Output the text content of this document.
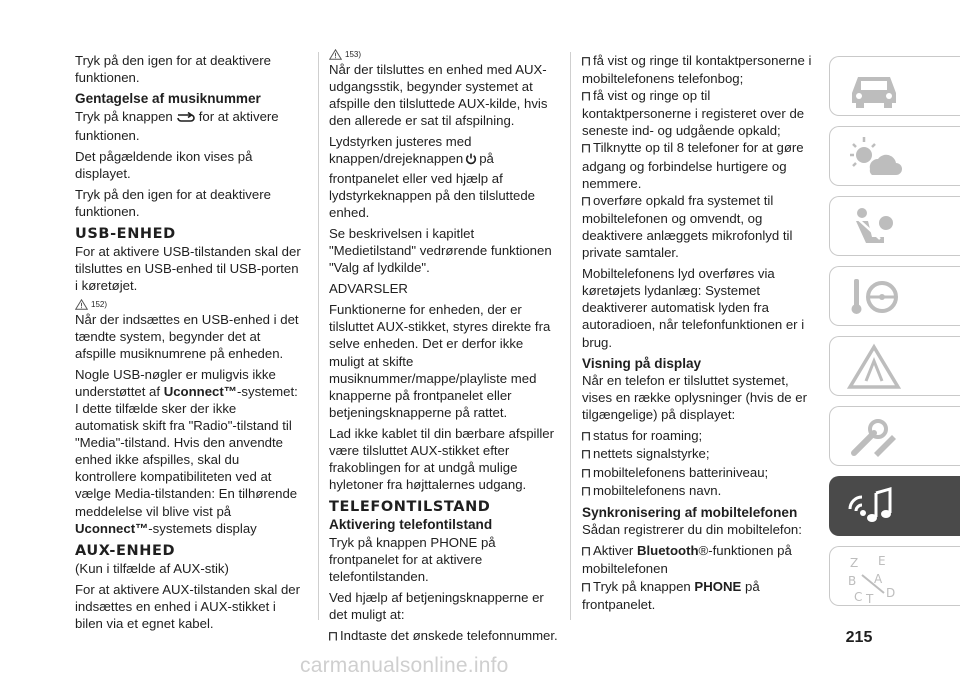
Tryk på den igen for at deaktivere funktionen.

Gentagelse af musiknummer

Tryk på knappen for at aktivere funktionen.

Det pågældende ikon vises på displayet.

Tryk på den igen for at deaktivere funktionen.

USB-ENHED

For at aktivere USB-tilstanden skal der tilsluttes en USB-enhed til USB-porten i køretøjet.

152)

Når der indsættes en USB-enhed i det tændte system, begynder det at afspille musiknumrene på enheden.

Nogle USB-nøgler er muligvis ikke understøttet af Uconnect™-systemet: I dette tilfælde sker der ikke automatisk skift fra "Radio"-tilstand til "Media"-tilstand. Hvis den anvendte enhed ikke afspilles, skal du kontrollere kompatibiliteten ved at vælge Media-tilstanden: En tilhørende meddelelse vil blive vist på Uconnect™-systemets display

AUX-ENHED

(Kun i tilfælde af AUX-stik)

For at aktivere AUX-tilstanden skal der indsættes en enhed i AUX-stikket i bilen via et egnet kabel.

153)

Når der tilsluttes en enhed med AUX-udgangsstik, begynder systemet at afspille den tilsluttede AUX-kilde, hvis den allerede er sat til afspilning.

Lydstyrken justeres med knappen/drejeknappen på frontpanelet eller ved hjælp af lydstyrkeknappen på den tilsluttede enhed.

Se beskrivelsen i kapitlet "Medietilstand" vedrørende funktionen "Valg af lydkilde".

ADVARSLER

Funktionerne for enheden, der er tilsluttet AUX-stikket, styres direkte fra selve enheden. Det er derfor ikke muligt at skifte musiknummer/mappe/playliste med knapperne på frontpanelet eller betjeningsknapperne på rattet.

Lad ikke kablet til din bærbare afspiller være tilsluttet AUX-stikket efter frakoblingen for at undgå mulige hyletoner fra højttalernes udgang.

TELEFONTILSTAND
Aktivering telefontilstand

Tryk på knappen PHONE på frontpanelet for at aktivere telefontilstanden.

Ved hjælp af betjeningsknapperne er det muligt at:

Indtaste det ønskede telefonnummer.

få vist og ringe til kontaktpersonerne i mobiltelefonens telefonbog;

få vist og ringe op til kontaktpersonerne i registeret over de seneste ind- og udgående opkald;

Tilknytte op til 8 telefoner for at gøre adgang og forbindelse hurtigere og nemmere.

overføre opkald fra systemet til mobiltelefonen og omvendt, og deaktivere anlæggets mikrofonlyd til private samtaler.

Mobiltelefonens lyd overføres via køretøjets lydanlæg: Systemet deaktiverer automatisk lyden fra autoradioen, når telefonfunktionen er i brug.

Visning på display

Når en telefon er tilsluttet systemet, vises en række oplysninger (hvis de er tilgængelige) på displayet:

status for roaming;

nettets signalstyrke;

mobiltelefonens batteriniveau;

mobiltelefonens navn.

Synkronisering af mobiltelefonen

Sådan registrerer du din mobiltelefon:

Aktiver Bluetooth®-funktionen på mobiltelefonen

Tryk på knappen PHONE på frontpanelet.

Z E
B A
C T D
215
carmanualsonline.info
